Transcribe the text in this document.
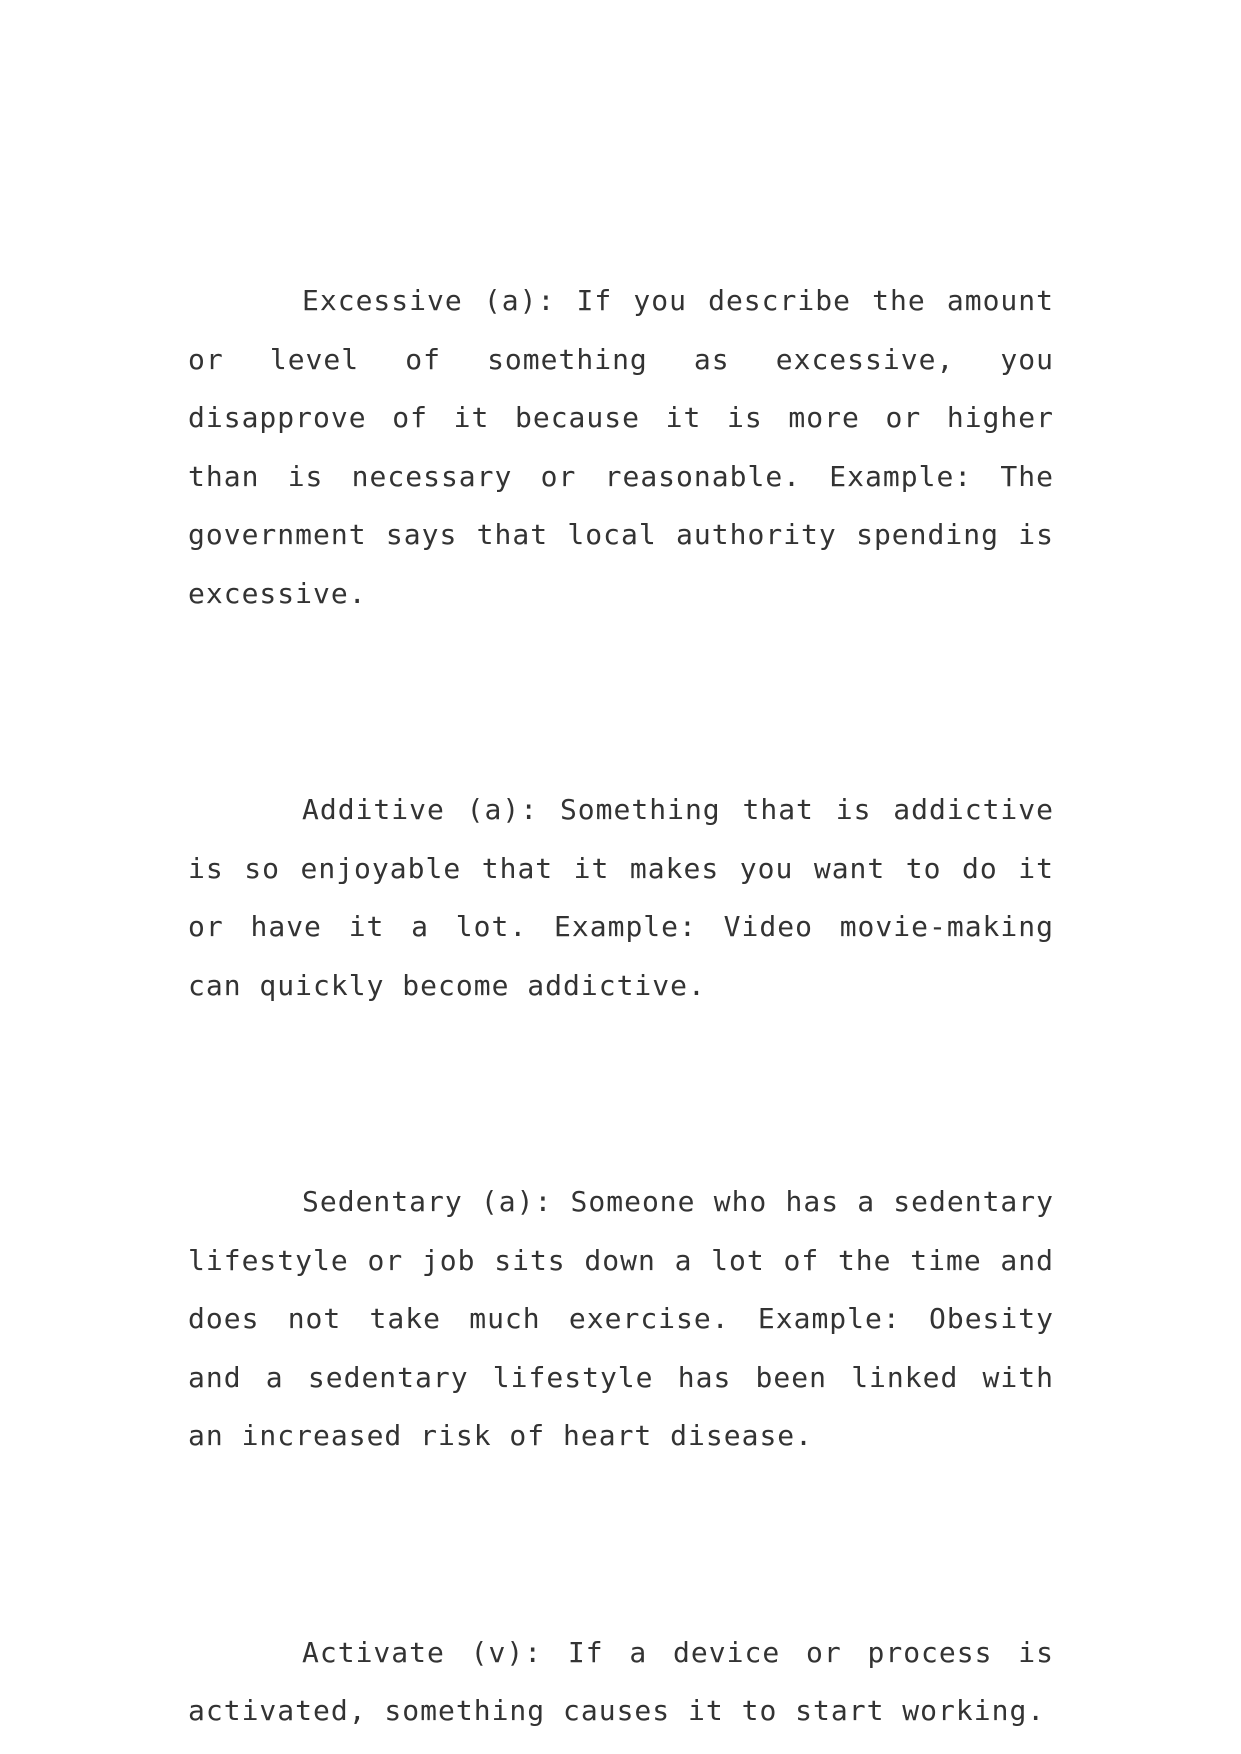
Excessive (a): If you describe the amount or level of something as excessive, you disapprove of it because it is more or higher than is necessary or reasonable. Example: The government says that local authority spending is excessive.

Additive (a): Something that is addictive is so enjoyable that it makes you want to do it or have it a lot. Example: Video movie-making can quickly become addictive.

Sedentary (a): Someone who has a sedentary lifestyle or job sits down a lot of the time and does not take much exercise. Example: Obesity and a sedentary lifestyle has been linked with an increased risk of heart disease.

Activate (v): If a device or process is activated, something causes it to start working.
